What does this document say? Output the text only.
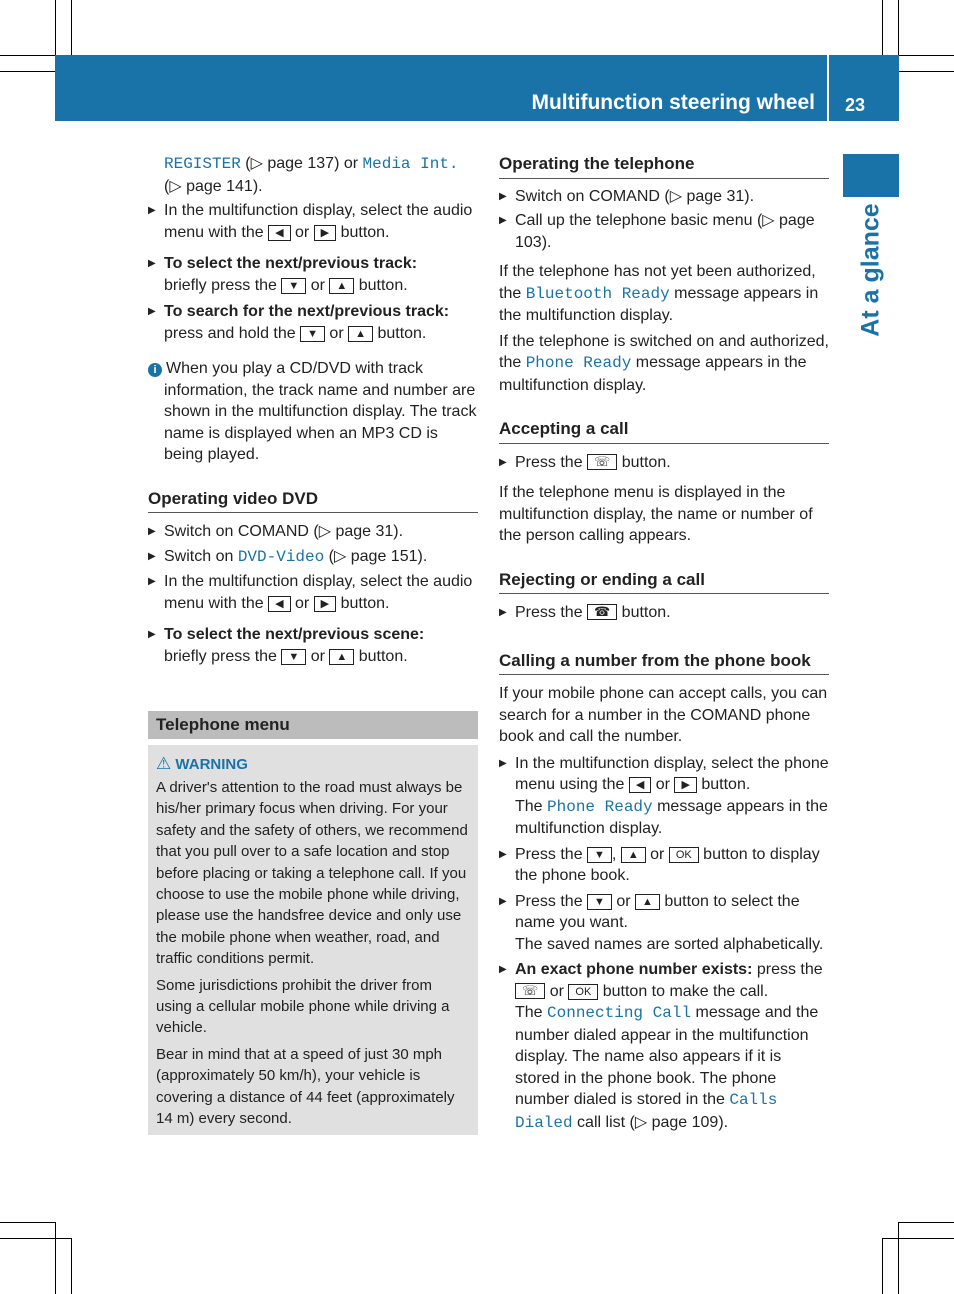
Multifunction steering wheel 23
At a glance

REGISTER (▷ page 137) or Media Int. (▷ page 141).

▶ In the multifunction display, select the audio menu with the ◀ or ▶ button.

▶ To select the next/previous track:
briefly press the ▼ or ▲ button.

▶ To search for the next/previous track:
press and hold the ▼ or ▲ button.

i When you play a CD/DVD with track information, the track name and number are shown in the multifunction display. The track name is displayed when an MP3 CD is being played.

Operating video DVD

▶ Switch on COMAND (▷ page 31).

▶ Switch on DVD-Video (▷ page 151).

▶ In the multifunction display, select the audio menu with the ◀ or ▶ button.

▶ To select the next/previous scene:
briefly press the ▼ or ▲ button.

Telephone menu
⚠ WARNING

A driver's attention to the road must always be his/her primary focus when driving. For your safety and the safety of others, we recommend that you pull over to a safe location and stop before placing or taking a telephone call. If you choose to use the mobile phone while driving, please use the handsfree device and only use the mobile phone when weather, road, and traffic conditions permit.

Some jurisdictions prohibit the driver from using a cellular mobile phone while driving a vehicle.

Bear in mind that at a speed of just 30 mph (approximately 50 km/h), your vehicle is covering a distance of 44 feet (approximately 14 m) every second.

Operating the telephone

▶ Switch on COMAND (▷ page 31).

▶ Call up the telephone basic menu (▷ page 103).

If the telephone has not yet been authorized, the Bluetooth Ready message appears in the multifunction display.

If the telephone is switched on and authorized, the Phone Ready message appears in the multifunction display.

Accepting a call

▶ Press the ☏ button.

If the telephone menu is displayed in the multifunction display, the name or number of the person calling appears.

Rejecting or ending a call

▶ Press the ☎ button.

Calling a number from the phone book

If your mobile phone can accept calls, you can search for a number in the COMAND phone book and call the number.

▶ In the multifunction display, select the phone menu using the ◀ or ▶ button.
The Phone Ready message appears in the multifunction display.

▶ Press the ▼ , ▲ or OK button to display the phone book.

▶ Press the ▼ or ▲ button to select the name you want.
The saved names are sorted alphabetically.

▶ An exact phone number exists: press the ☏ or OK button to make the call.
The Connecting Call message and the number dialed appear in the multifunction display. The name also appears if it is stored in the phone book. The phone number dialed is stored in the Calls Dialed call list (▷ page 109).
